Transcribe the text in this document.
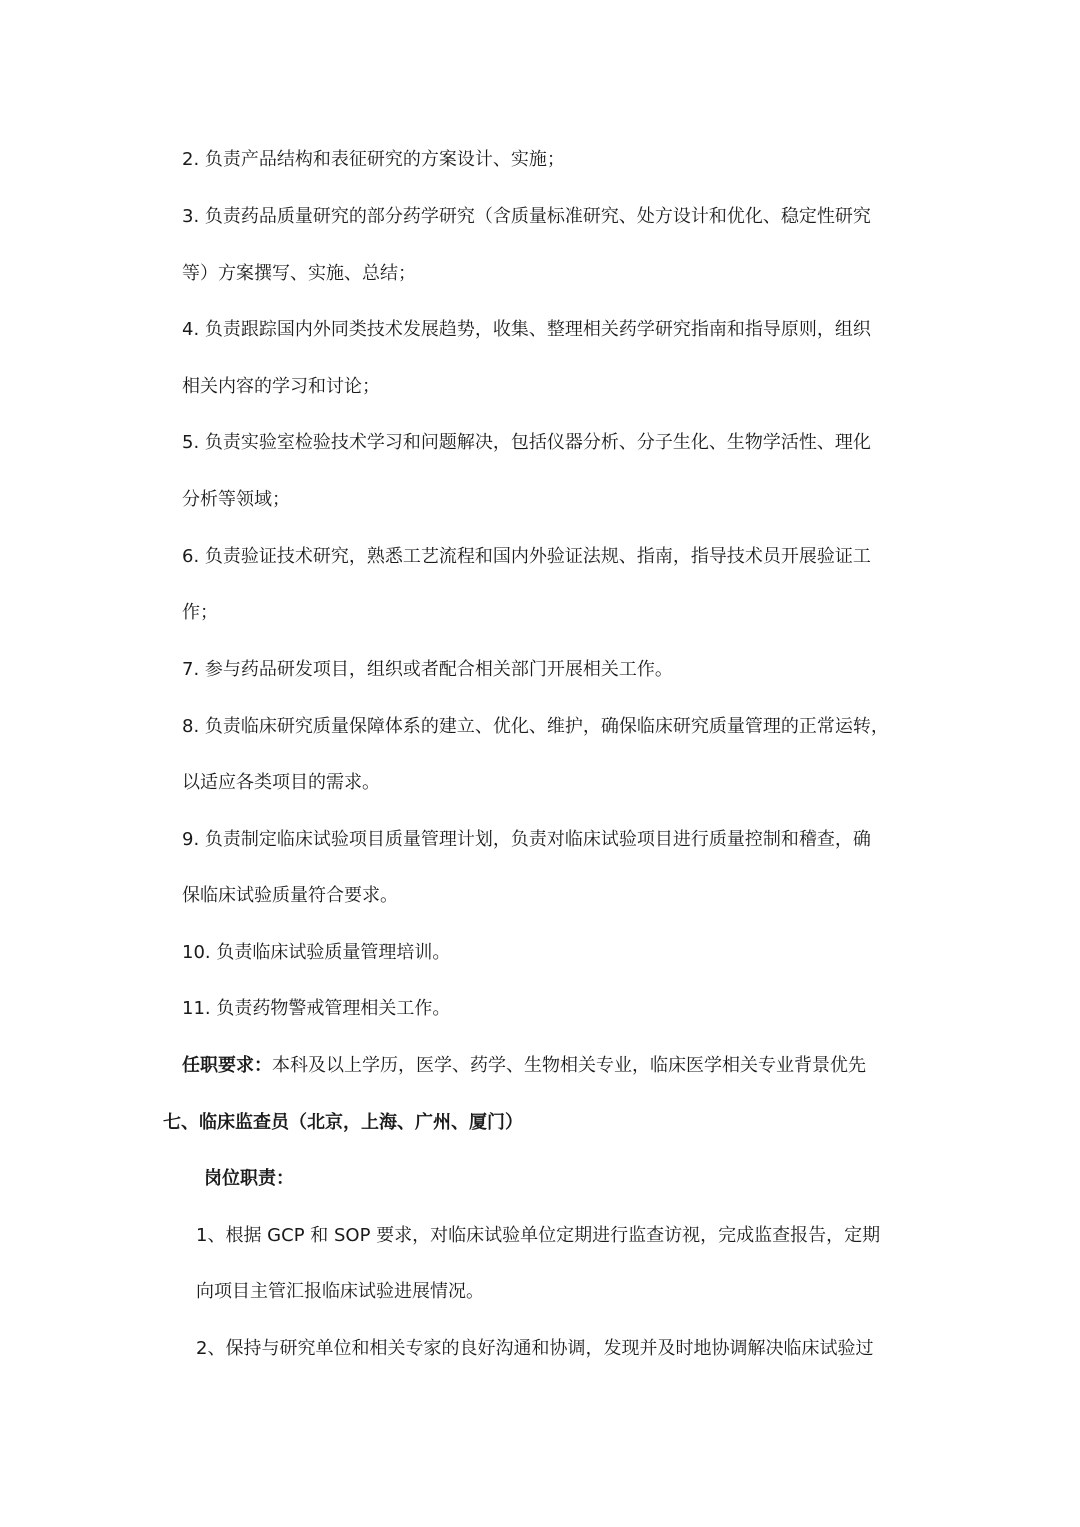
2. 负责产品结构和表征研究的方案设计、实施；
3. 负责药品质量研究的部分药学研究（含质量标准研究、处方设计和优化、稳定性研究
等）方案撰写、实施、总结；
4. 负责跟踪国内外同类技术发展趋势，收集、整理相关药学研究指南和指导原则，组织
相关内容的学习和讨论；
5. 负责实验室检验技术学习和问题解决，包括仪器分析、分子生化、生物学活性、理化
分析等领域；
6. 负责验证技术研究，熟悉工艺流程和国内外验证法规、指南，指导技术员开展验证工
作；
7. 参与药品研发项目，组织或者配合相关部门开展相关工作。
8. 负责临床研究质量保障体系的建立、优化、维护，确保临床研究质量管理的正常运转，
以适应各类项目的需求。
9. 负责制定临床试验项目质量管理计划，负责对临床试验项目进行质量控制和稽查，确
保临床试验质量符合要求。
10. 负责临床试验质量管理培训。
11. 负责药物警戒管理相关工作。
任职要求：本科及以上学历，医学、药学、生物相关专业，临床医学相关专业背景优先
七、临床监查员（北京，上海、广州、厦门）
岗位职责：
1、根据 GCP 和 SOP 要求，对临床试验单位定期进行监查访视，完成监查报告，定期
向项目主管汇报临床试验进展情况。
2、保持与研究单位和相关专家的良好沟通和协调，发现并及时地协调解决临床试验过
